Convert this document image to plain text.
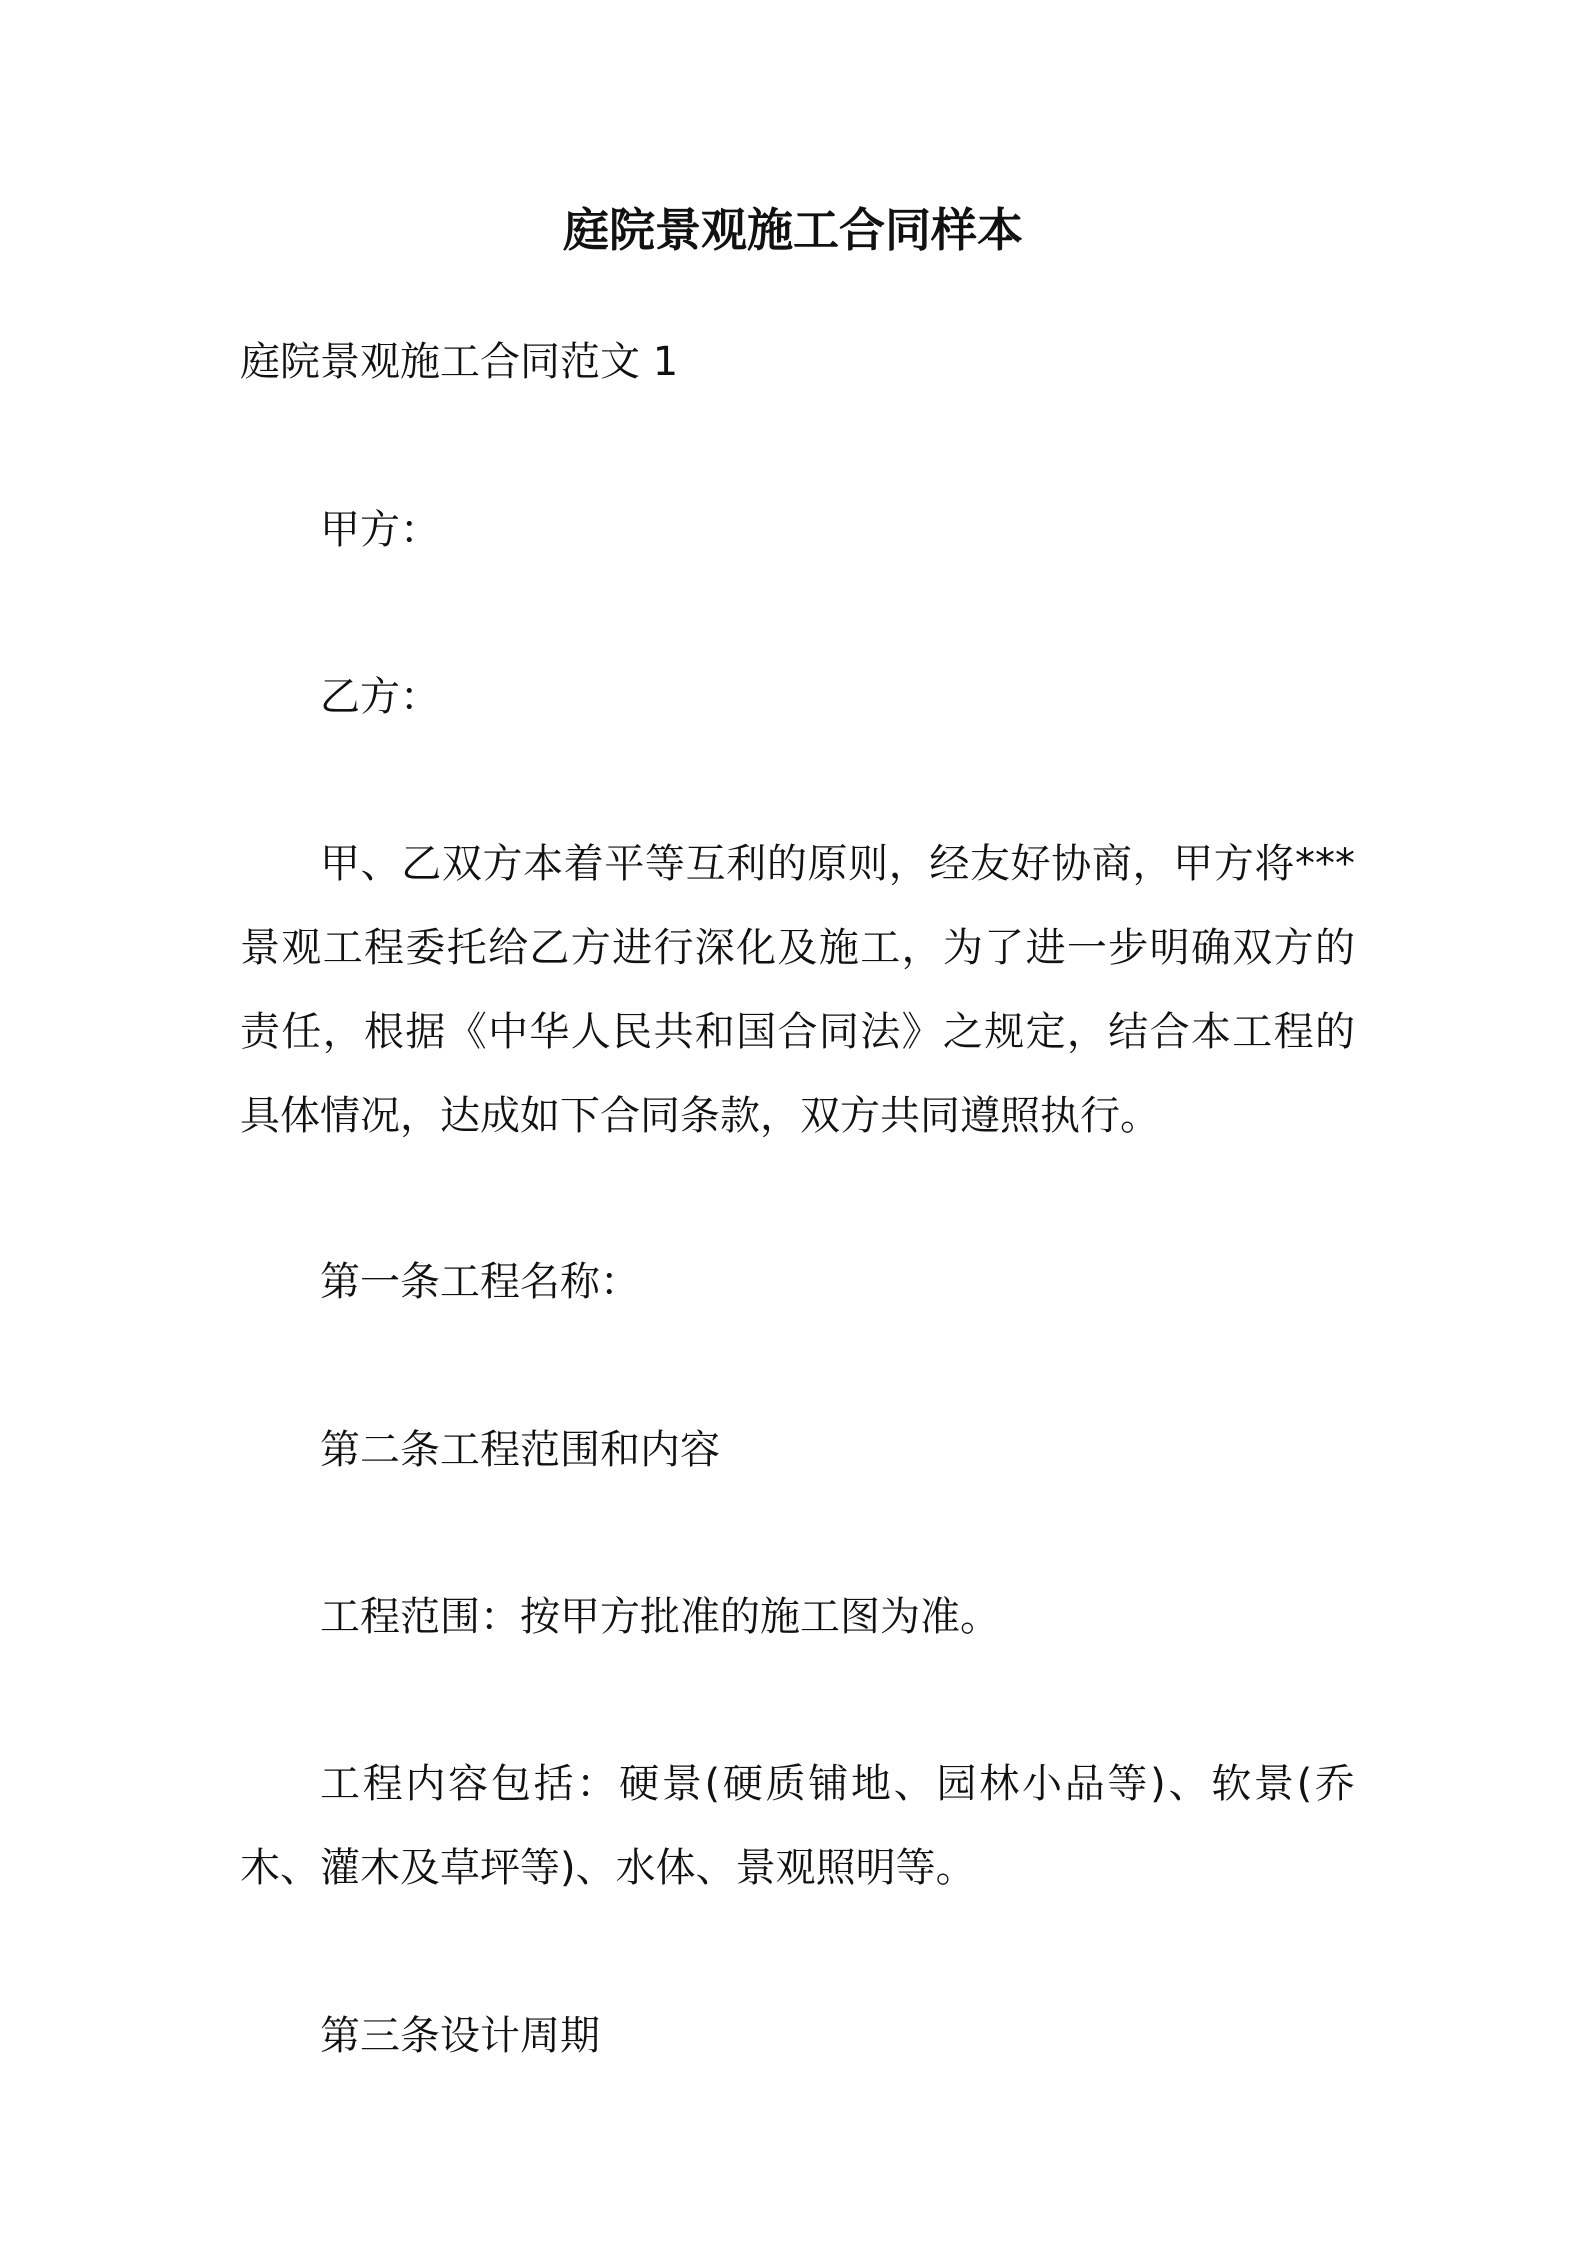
庭院景观施工合同样本

庭院景观施工合同范文 1

甲方：

乙方：

甲、乙双方本着平等互利的原则，经友好协商，甲方将***景观工程委托给乙方进行深化及施工，为了进一步明确双方的责任，根据《中华人民共和国合同法》之规定，结合本工程的具体情况，达成如下合同条款，双方共同遵照执行。

第一条工程名称：

第二条工程范围和内容

工程范围：按甲方批准的施工图为准。

工程内容包括：硬景(硬质铺地、园林小品等)、软景(乔木、灌木及草坪等)、水体、景观照明等。

第三条设计周期
